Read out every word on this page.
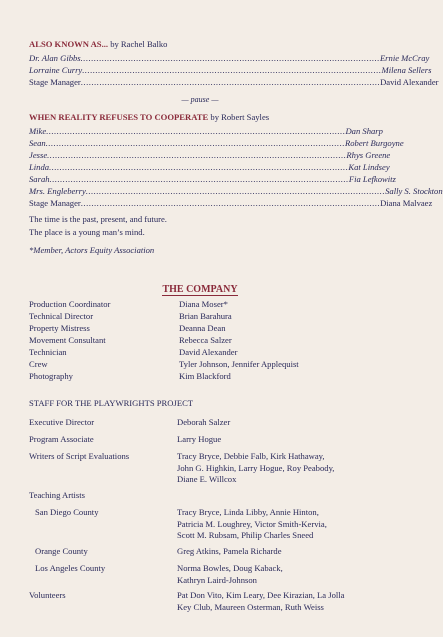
ALSO KNOWN AS... by Rachel Balko
Dr. Alan Gibbs ................................................................................................................. Ernie McCray
Lorraine Curry ................................................................................................................. Milena Sellers
Stage Manager ................................................................................................................. David Alexander
— pause —
WHEN REALITY REFUSES TO COOPERATE by Robert Sayles
Mike ................................................................................................................. Dan Sharp
Sean ................................................................................................................. Robert Burgoyne
Jesse ................................................................................................................. Rhys Greene
Linda ................................................................................................................. Kat Lindsey
Sarah ................................................................................................................. Fia Lefkowitz
Mrs. Engleberry ................................................................................................................. Sally S. Stockton
Stage Manager ................................................................................................................. Diana Malvaez
The time is the past, present, and future.
The place is a young man’s mind.
*Member, Actors Equity Association
THE COMPANY
Production Coordinator	Diana Moser*
Technical Director	Brian Barahura
Property Mistress	Deanna Dean
Movement Consultant	Rebecca Salzer
Technician	David Alexander
Crew	Tyler Johnson, Jennifer Applequist
Photography	Kim Blackford
STAFF FOR THE PLAYWRIGHTS PROJECT
Executive Director	Deborah Salzer
Program Associate	Larry Hogue
Writers of Script Evaluations	Tracy Bryce, Debbie Falb, Kirk Hathaway,
John G. Highkin, Larry Hogue, Roy Peabody,
Diane E. Willcox
Teaching Artists
San Diego County	Tracy Bryce, Linda Libby, Annie Hinton,
Patricia M. Loughrey, Victor Smith-Kervia,
Scott M. Rubsam, Philip Charles Sneed
Orange County	Greg Atkins, Pamela Richarde
Los Angeles County	Norma Bowles, Doug Kaback,
Kathryn Laird-Johnson
Volunteers	Pat Don Vito, Kim Leary, Dee Kirazian, La Jolla
Key Club, Maureen Osterman, Ruth Weiss
